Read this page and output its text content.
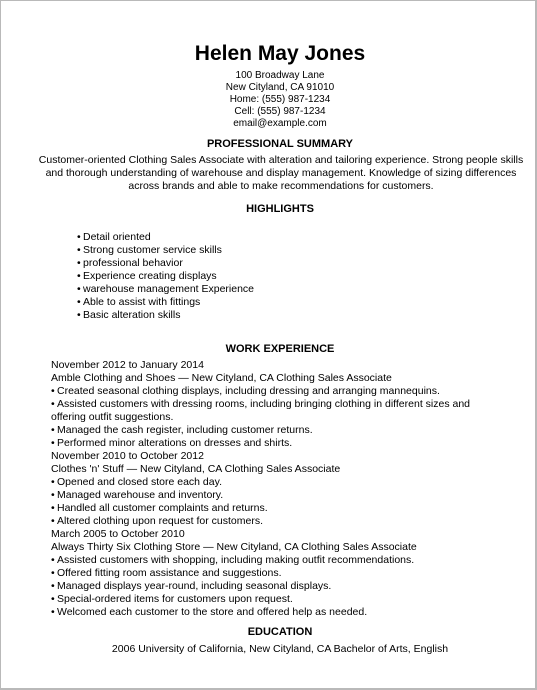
Helen May Jones
100 Broadway Lane
New Cityland, CA 91010
Home: (555) 987-1234
Cell: (555) 987-1234
email@example.com
PROFESSIONAL SUMMARY
Customer-oriented Clothing Sales Associate with alteration and tailoring experience. Strong people skills and thorough understanding of warehouse and display management. Knowledge of sizing differences across brands and able to make recommendations for customers.
HIGHLIGHTS
• Detail oriented
• Strong customer service skills
• professional behavior
• Experience creating displays
• warehouse management Experience
• Able to assist with fittings
• Basic alteration skills
WORK EXPERIENCE
November 2012 to January 2014
Amble Clothing and Shoes — New Cityland, CA Clothing Sales Associate
• Created seasonal clothing displays, including dressing and arranging mannequins.
• Assisted customers with dressing rooms, including bringing clothing in different sizes and offering outfit suggestions.
• Managed the cash register, including customer returns.
• Performed minor alterations on dresses and shirts.
November 2010 to October 2012
Clothes 'n' Stuff — New Cityland, CA Clothing Sales Associate
• Opened and closed store each day.
• Managed warehouse and inventory.
• Handled all customer complaints and returns.
• Altered clothing upon request for customers.
March 2005 to October 2010
Always Thirty Six Clothing Store — New Cityland, CA Clothing Sales Associate
• Assisted customers with shopping, including making outfit recommendations.
• Offered fitting room assistance and suggestions.
• Managed displays year-round, including seasonal displays.
• Special-ordered items for customers upon request.
• Welcomed each customer to the store and offered help as needed.
EDUCATION
2006 University of California, New Cityland, CA Bachelor of Arts, English
